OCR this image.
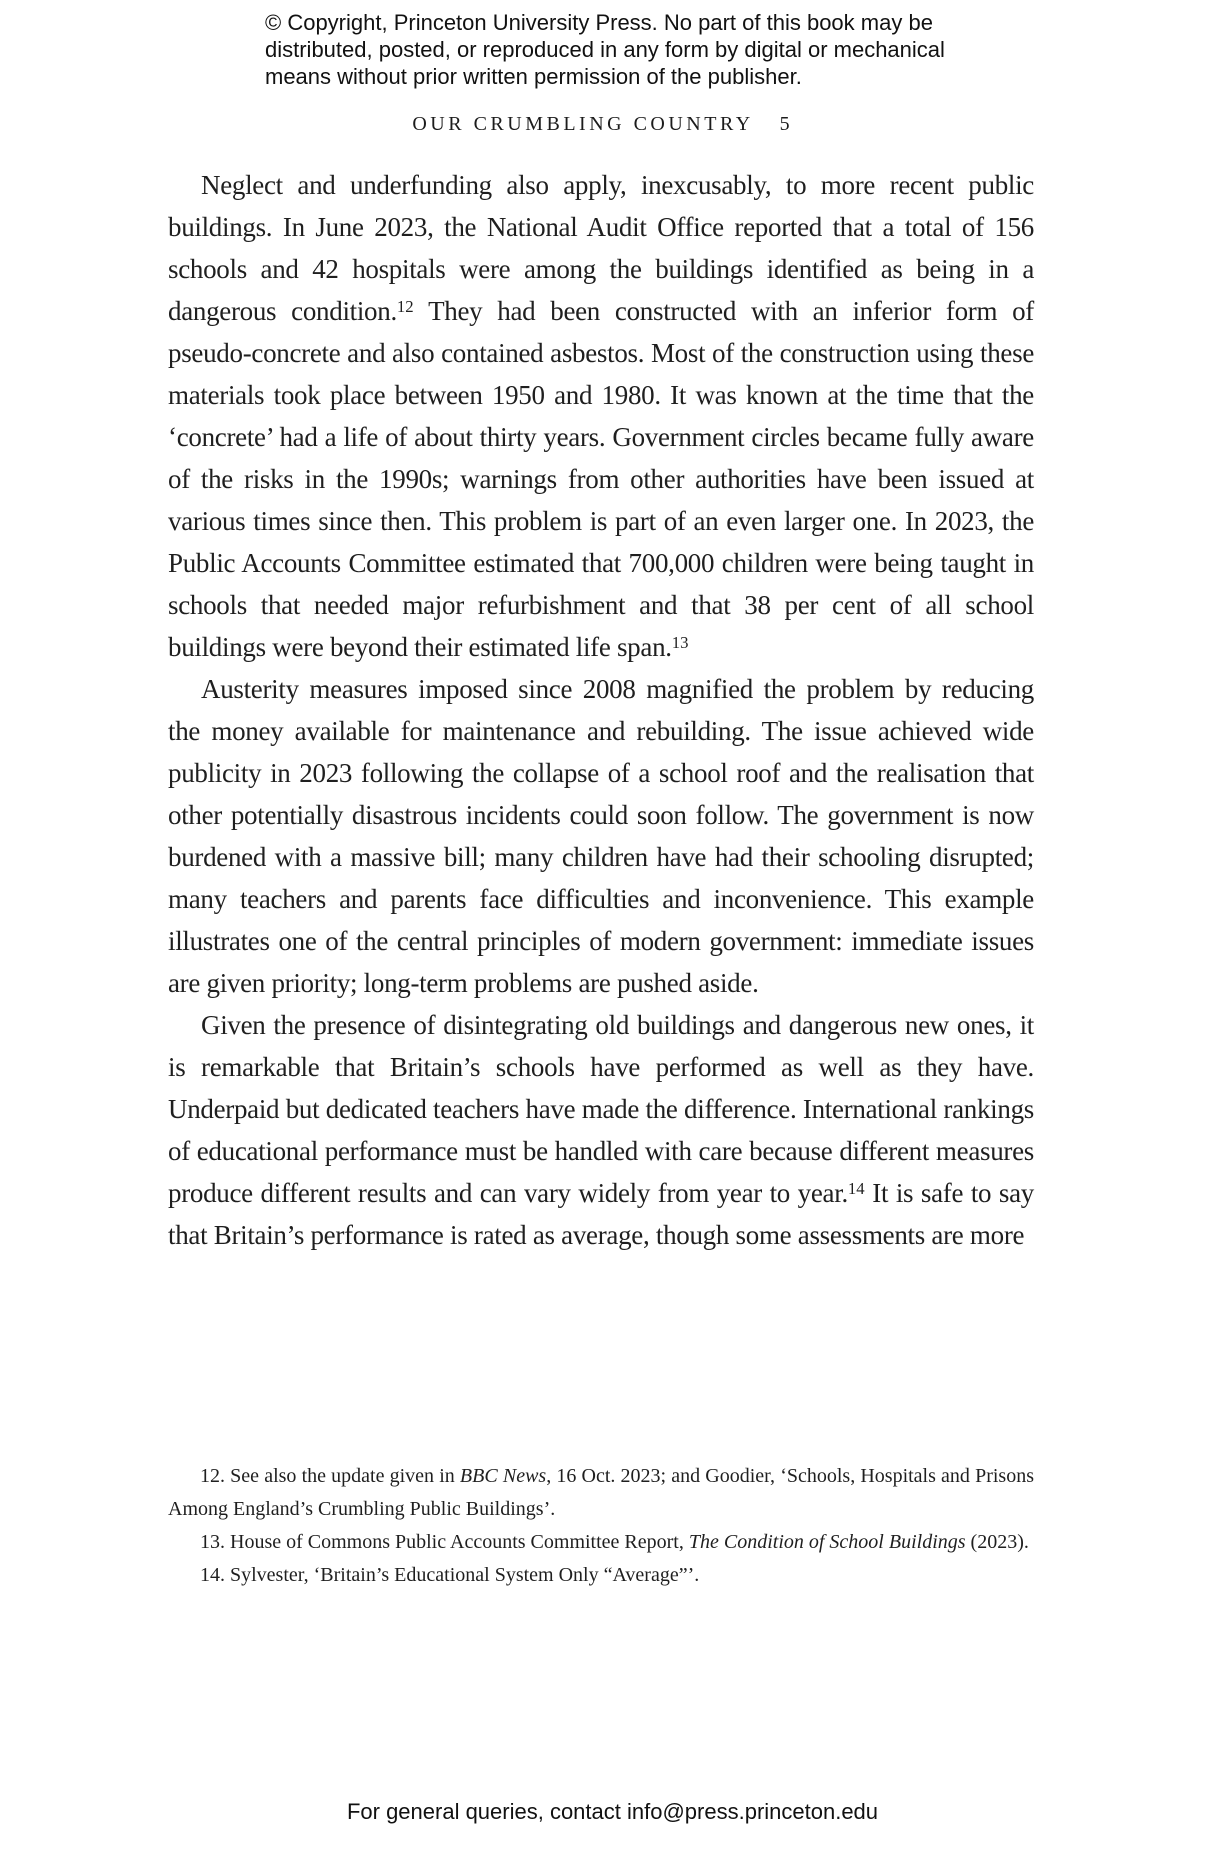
© Copyright, Princeton University Press. No part of this book may be
distributed, posted, or reproduced in any form by digital or mechanical
means without prior written permission of the publisher.
OUR CRUMBLING COUNTRY 5

Neglect and underfunding also apply, inexcusably, to more recent public buildings. In June 2023, the National Audit Office reported that a total of 156 schools and 42 hospitals were among the buildings identified as being in a dangerous condition.$^{12}$ They had been constructed with an inferior form of pseudo-concrete and also contained asbestos. Most of the construction using these materials took place between 1950 and 1980. It was known at the time that the ‘concrete’ had a life of about thirty years. Government circles became fully aware of the risks in the 1990s; warnings from other authorities have been issued at various times since then. This problem is part of an even larger one. In 2023, the Public Accounts Committee estimated that 700,000 children were being taught in schools that needed major refurbishment and that 38 per cent of all school buildings were beyond their estimated life span.$^{13}$

Austerity measures imposed since 2008 magnified the problem by reducing the money available for maintenance and rebuilding. The issue achieved wide publicity in 2023 following the collapse of a school roof and the realisation that other potentially disastrous incidents could soon follow. The government is now burdened with a massive bill; many children have had their schooling disrupted; many teachers and parents face difficulties and inconvenience. This example illustrates one of the central principles of modern government: immediate issues are given priority; long-term problems are pushed aside.

Given the presence of disintegrating old buildings and dangerous new ones, it is remarkable that Britain’s schools have performed as well as they have. Underpaid but dedicated teachers have made the difference. International rankings of educational performance must be handled with care because different measures produce different results and can vary widely from year to year.$^{14}$ It is safe to say that Britain’s performance is rated as average, though some assessments are more

12. See also the update given in BBC News, 16 Oct. 2023; and Goodier, ‘Schools, Hospitals and Prisons Among England’s Crumbling Public Buildings’.

13. House of Commons Public Accounts Committee Report, The Condition of School Buildings (2023).

14. Sylvester, ‘Britain’s Educational System Only “Average”’.

For general queries, contact info@press.princeton.edu
